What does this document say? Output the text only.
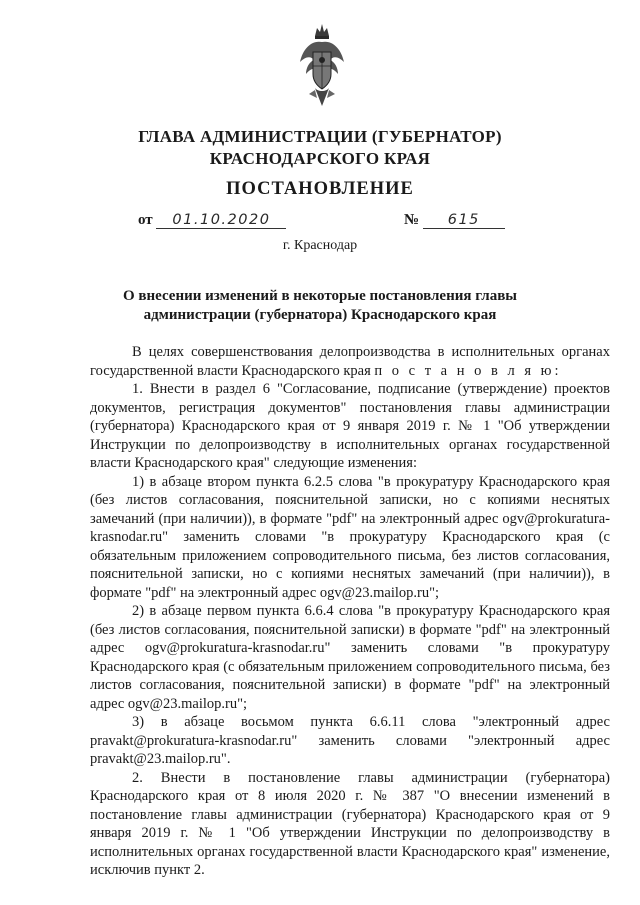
ГЛАВА АДМИНИСТРАЦИИ (ГУБЕРНАТОР)
КРАСНОДАРСКОГО КРАЯ
ПОСТАНОВЛЕНИЕ
от 01.10.2020	№ 615
г. Краснодар
О внесении изменений в некоторые постановления главы администрации (губернатора) Краснодарского края

В целях совершенствования делопроизводства в исполнительных органах государственной власти Краснодарского края п о с т а н о в л я ю:

1. Внести в раздел 6 "Согласование, подписание (утверждение) проектов документов, регистрация документов" постановления главы администрации (губернатора) Краснодарского края от 9 января 2019 г. № 1 "Об утверждении Инструкции по делопроизводству в исполнительных органах государственной власти Краснодарского края" следующие изменения:

1) в абзаце втором пункта 6.2.5 слова "в прокуратуру Краснодарского края (без листов согласования, пояснительной записки, но с копиями неснятых замечаний (при наличии)), в формате "pdf" на электронный адрес ogv@prokuratura-krasnodar.ru" заменить словами "в прокуратуру Краснодарского края (с обязательным приложением сопроводительного письма, без листов согласования, пояснительной записки, но с копиями неснятых замечаний (при наличии)), в формате "pdf" на электронный адрес ogv@23.mailop.ru";

2) в абзаце первом пункта 6.6.4 слова "в прокуратуру Краснодарского края (без листов согласования, пояснительной записки) в формате "pdf" на электронный адрес ogv@prokuratura-krasnodar.ru" заменить словами "в прокуратуру Краснодарского края (с обязательным приложением сопроводительного письма, без листов согласования, пояснительной записки) в формате "pdf" на электронный адрес ogv@23.mailop.ru";

3) в абзаце восьмом пункта 6.6.11 слова "электронный адрес pravakt@prokuratura-krasnodar.ru" заменить словами "электронный адрес pravakt@23.mailop.ru".

2. Внести в постановление главы администрации (губернатора) Краснодарского края от 8 июля 2020 г. № 387 "О внесении изменений в постановление главы администрации (губернатора) Краснодарского края от 9 января 2019 г. № 1 "Об утверждении Инструкции по делопроизводству в исполнительных органах государственной власти Краснодарского края" изменение, исключив пункт 2.
